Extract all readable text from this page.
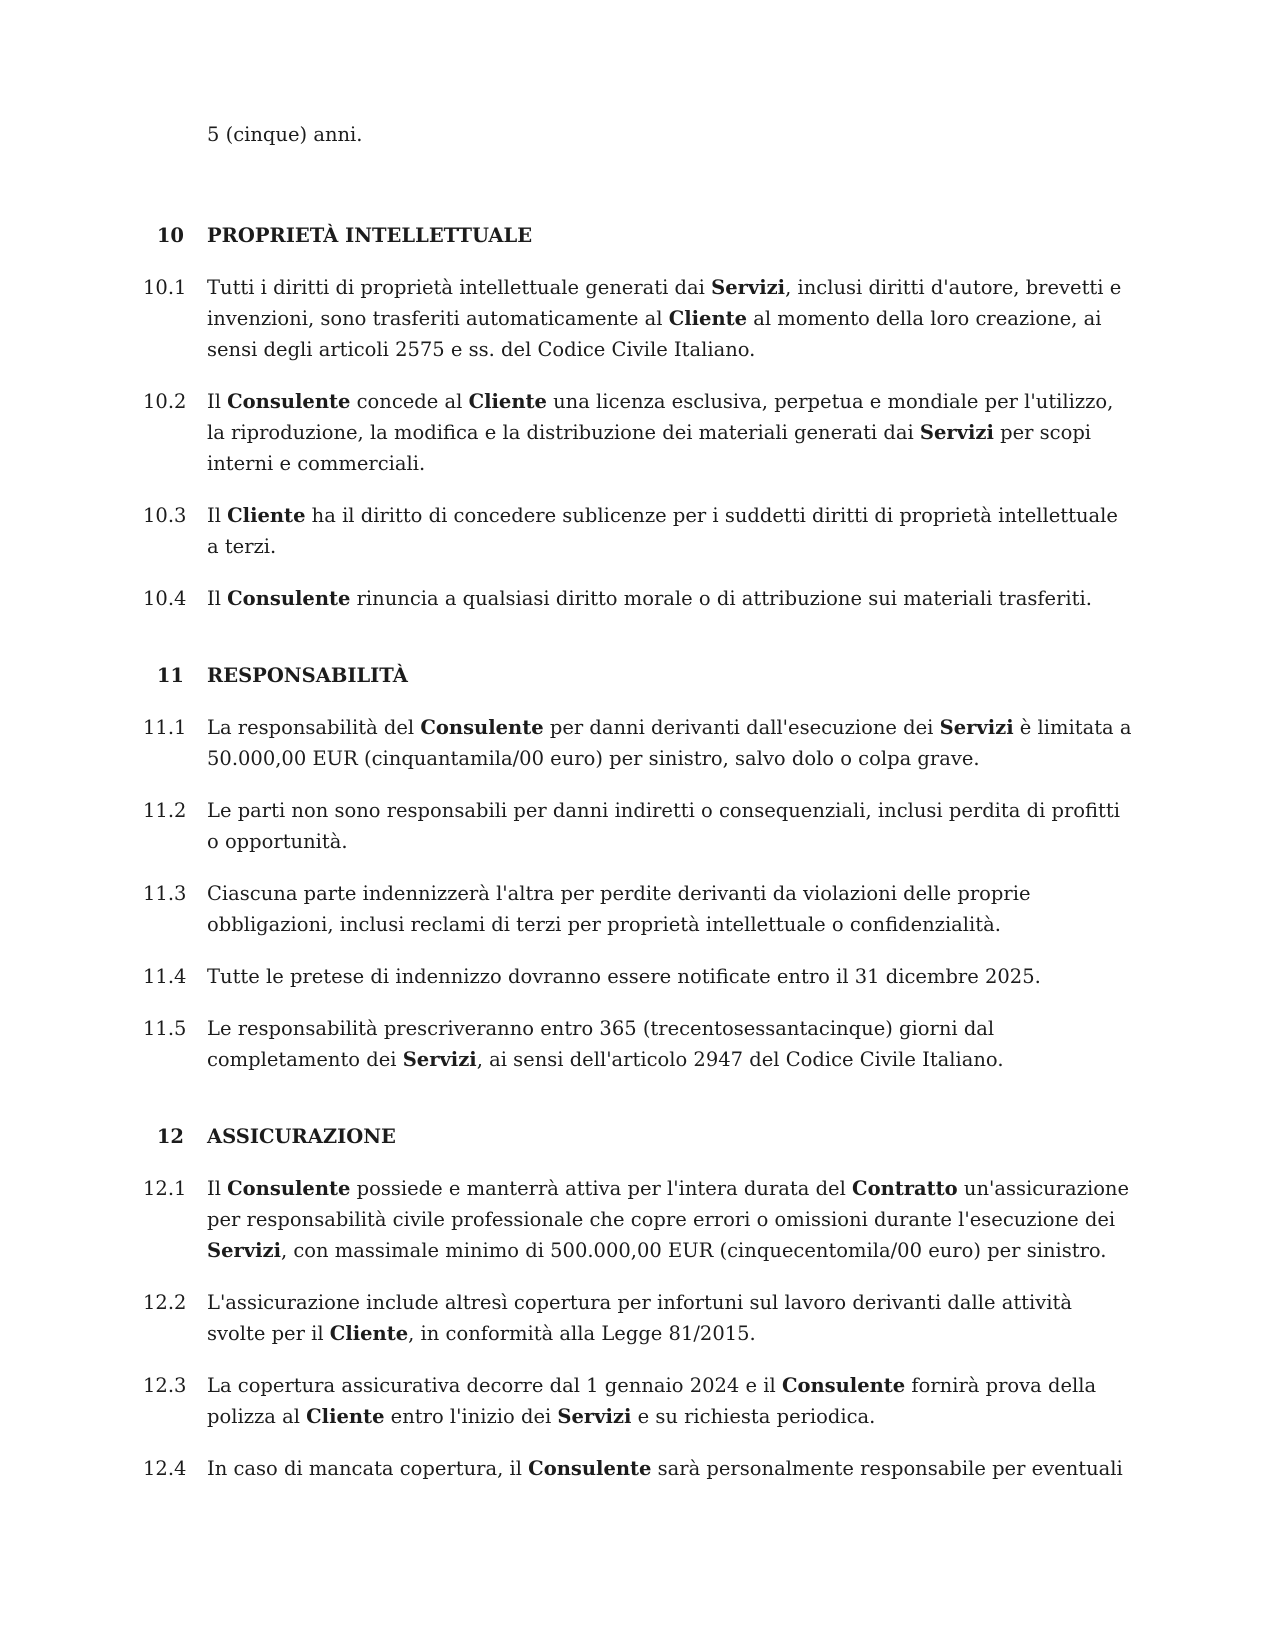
5 (cinque) anni.

10 PROPRIETÀ INTELLETTUALE
10.1 Tutti i diritti di proprietà intellettuale generati dai Servizi, inclusi diritti d'autore, brevetti e invenzioni, sono trasferiti automaticamente al Cliente al momento della loro creazione, ai sensi degli articoli 2575 e ss. del Codice Civile Italiano.
10.2 Il Consulente concede al Cliente una licenza esclusiva, perpetua e mondiale per l'utilizzo, la riproduzione, la modifica e la distribuzione dei materiali generati dai Servizi per scopi interni e commerciali.
10.3 Il Cliente ha il diritto di concedere sublicenze per i suddetti diritti di proprietà intellettuale a terzi.
10.4 Il Consulente rinuncia a qualsiasi diritto morale o di attribuzione sui materiali trasferiti.
11 RESPONSABILITÀ
11.1 La responsabilità del Consulente per danni derivanti dall'esecuzione dei Servizi è limitata a 50.000,00 EUR (cinquantamila/00 euro) per sinistro, salvo dolo o colpa grave.
11.2 Le parti non sono responsabili per danni indiretti o consequenziali, inclusi perdita di profitti o opportunità.
11.3 Ciascuna parte indennizzerà l'altra per perdite derivanti da violazioni delle proprie obbligazioni, inclusi reclami di terzi per proprietà intellettuale o confidenzialità.
11.4 Tutte le pretese di indennizzo dovranno essere notificate entro il 31 dicembre 2025.
11.5 Le responsabilità prescriveranno entro 365 (trecentosessantacinque) giorni dal completamento dei Servizi, ai sensi dell'articolo 2947 del Codice Civile Italiano.
12 ASSICURAZIONE
12.1 Il Consulente possiede e manterrà attiva per l'intera durata del Contratto un'assicurazione per responsabilità civile professionale che copre errori o omissioni durante l'esecuzione dei Servizi, con massimale minimo di 500.000,00 EUR (cinquecentomila/00 euro) per sinistro.
12.2 L'assicurazione include altresì copertura per infortuni sul lavoro derivanti dalle attività svolte per il Cliente, in conformità alla Legge 81/2015.
12.3 La copertura assicurativa decorre dal 1 gennaio 2024 e il Consulente fornirà prova della polizza al Cliente entro l'inizio dei Servizi e su richiesta periodica.
12.4 In caso di mancata copertura, il Consulente sarà personalmente responsabile per eventuali
